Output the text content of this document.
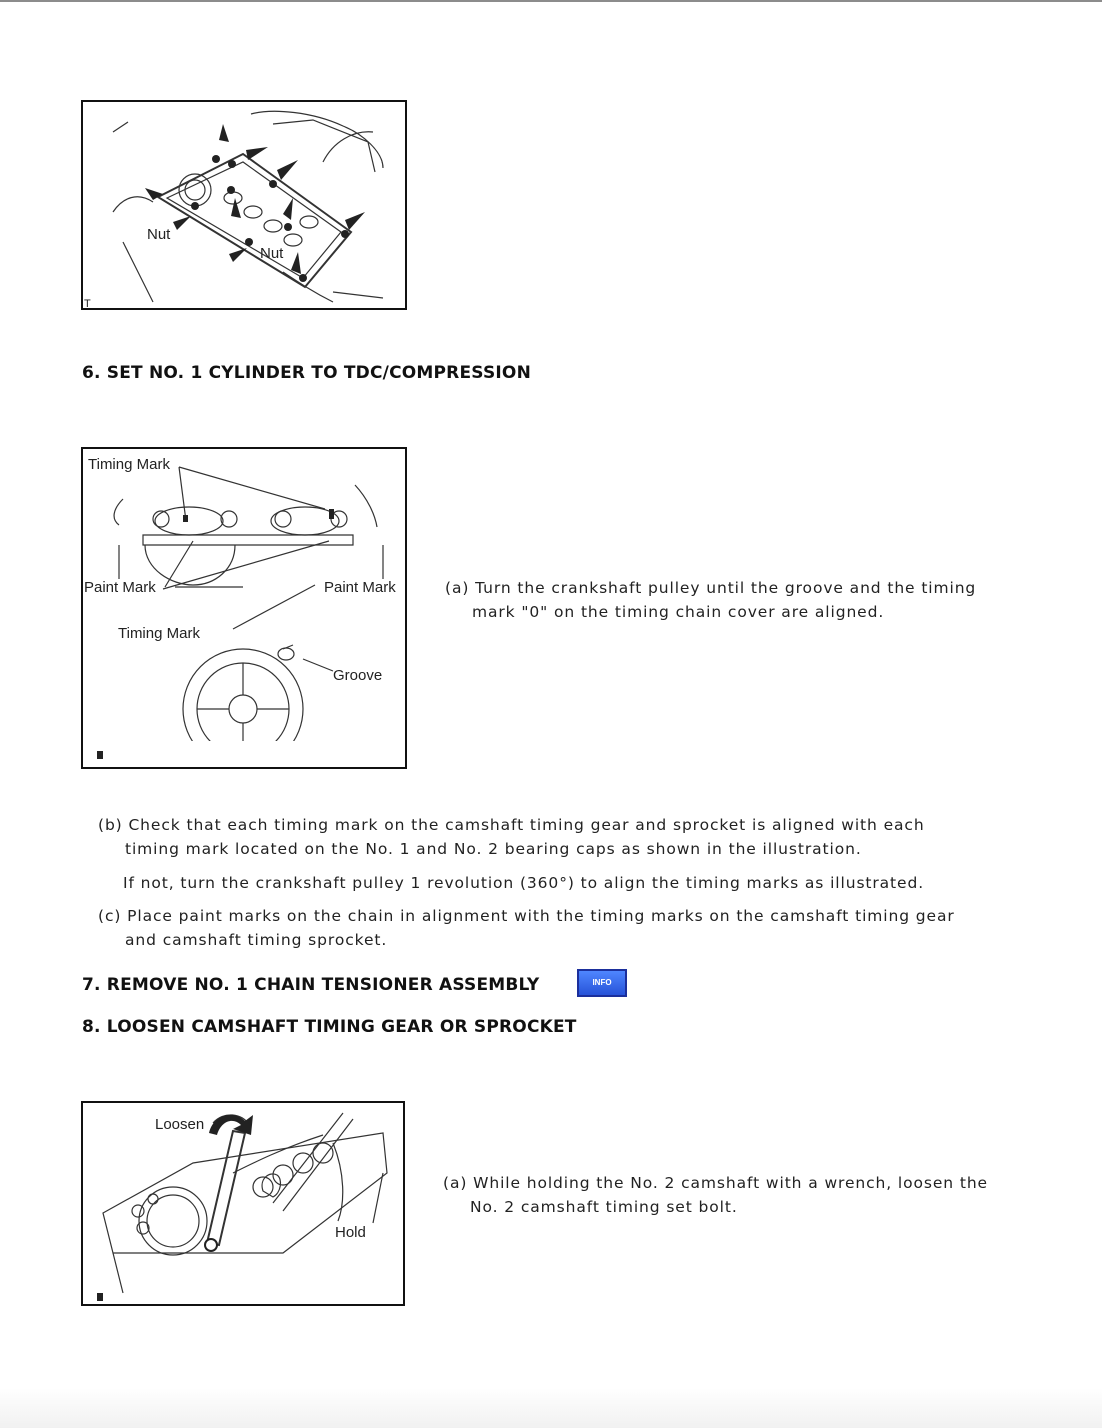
Nut
Nut
T
6. SET NO. 1 CYLINDER TO TDC/COMPRESSION
Timing Mark
Paint Mark	Paint Mark
Timing Mark
Groove
(a) Turn the crankshaft pulley until the groove and the timing
mark "0" on the timing chain cover are aligned.
(b) Check that each timing mark on the camshaft timing gear and sprocket is aligned with each
timing mark located on the No. 1 and No. 2 bearing caps as shown in the illustration.
If not, turn the crankshaft pulley 1 revolution (360°) to align the timing marks as illustrated.
(c) Place paint marks on the chain in alignment with the timing marks on the camshaft timing gear
and camshaft timing sprocket.
7. REMOVE NO. 1 CHAIN TENSIONER ASSEMBLY	INFO
8. LOOSEN CAMSHAFT TIMING GEAR OR SPROCKET
Loosen
Hold
(a) While holding the No. 2 camshaft with a wrench, loosen the
No. 2 camshaft timing set bolt.
